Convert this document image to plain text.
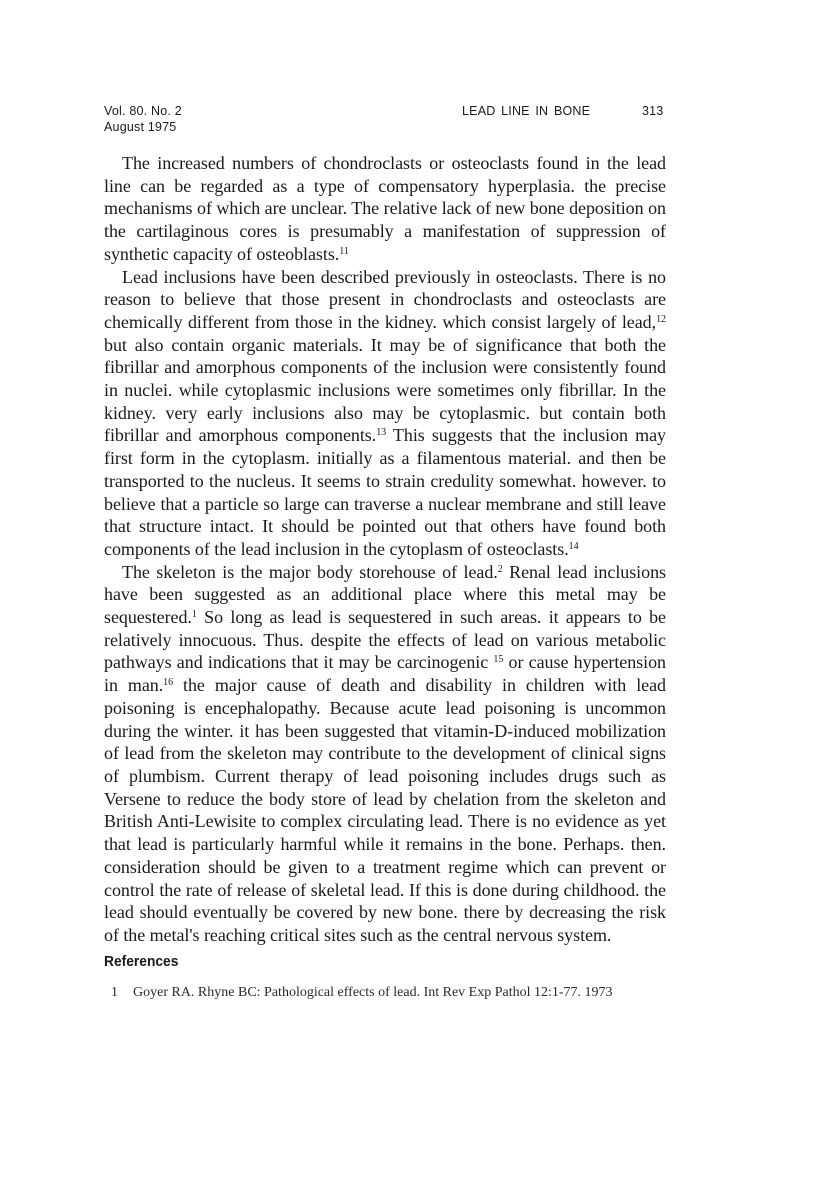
Vol. 80. No. 2
August 1975
LEAD LINE IN BONE	313

The increased numbers of chondroclasts or osteoclasts found in the lead line can be regarded as a type of compensatory hyperplasia. the precise mechanisms of which are unclear. The relative lack of new bone deposition on the cartilaginous cores is presumably a manifestation of suppression of synthetic capacity of osteoblasts.$^{11}$

Lead inclusions have been described previously in osteoclasts. There is no reason to believe that those present in chondroclasts and osteoclasts are chemically different from those in the kidney. which consist largely of lead,$^{12}$ but also contain organic materials. It may be of significance that both the fibrillar and amorphous components of the inclusion were consistently found in nuclei. while cytoplasmic inclusions were sometimes only fibrillar. In the kidney. very early inclusions also may be cytoplasmic. but contain both fibrillar and amorphous components.$^{13}$ This suggests that the inclusion may first form in the cytoplasm. initially as a filamentous material. and then be transported to the nucleus. It seems to strain credulity somewhat. however. to believe that a particle so large can traverse a nuclear membrane and still leave that structure intact. It should be pointed out that others have found both components of the lead inclusion in the cytoplasm of osteoclasts.$^{14}$

The skeleton is the major body storehouse of lead.$^2$ Renal lead inclusions have been suggested as an additional place where this metal may be sequestered.$^1$ So long as lead is sequestered in such areas. it appears to be relatively innocuous. Thus. despite the effects of lead on various metabolic pathways and indications that it may be carcinogenic $^{15}$ or cause hypertension in man.$^{16}$ the major cause of death and disability in children with lead poisoning is encephalopathy. Because acute lead poisoning is uncommon during the winter. it has been suggested that vitamin-D-induced mobilization of lead from the skeleton may contribute to the development of clinical signs of plumbism. Current therapy of lead poisoning includes drugs such as Versene to reduce the body store of lead by chelation from the skeleton and British Anti-Lewisite to complex circulating lead. There is no evidence as yet that lead is particularly harmful while it remains in the bone. Perhaps. then. consideration should be given to a treatment regime which can prevent or control the rate of release of skeletal lead. If this is done during childhood. the lead should eventually be covered by new bone. there by decreasing the risk of the metal's reaching critical sites such as the central nervous system.

References
1 Goyer RA. Rhyne BC: Pathological effects of lead. Int Rev Exp Pathol 12:1-77. 1973
